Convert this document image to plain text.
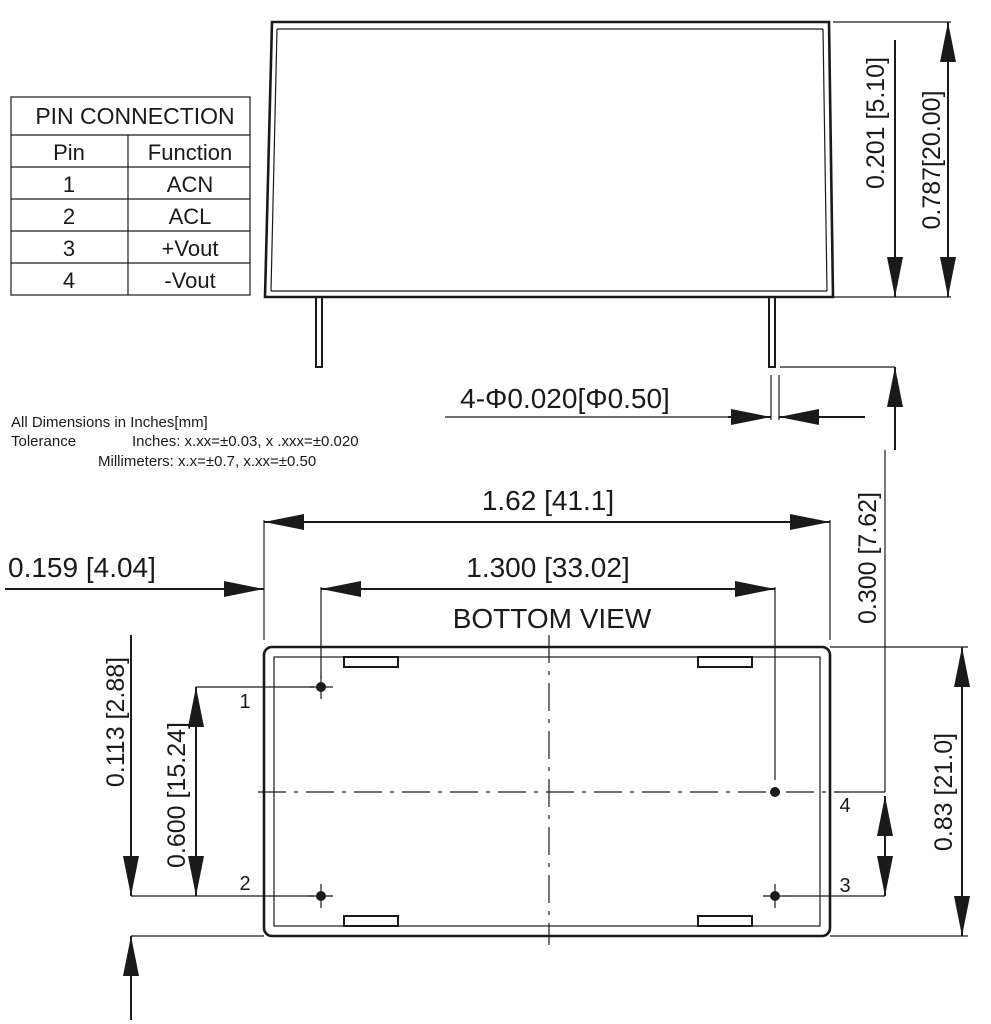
PIN CONNECTION
Pin	Function
1	ACN
2	ACL
3	+Vout
4	-Vout
0.201 [5.10] 0.787[20.00]
4-Φ0.020[Φ0.50]
All Dimensions in Inches[mm]
Tolerance	Inches: x.xx=±0.03, x .xxx=±0.020
Millimeters: x.x=±0.7, x.xx=±0.50
1.62 [41.1]
1.300 [33.02]
0.159 [4.04]
BOTTOM VIEW
1
2	3
4
0.600 [15.24]
0.113 [2.88]
0.300 [7.62]
0.83 [21.0]
